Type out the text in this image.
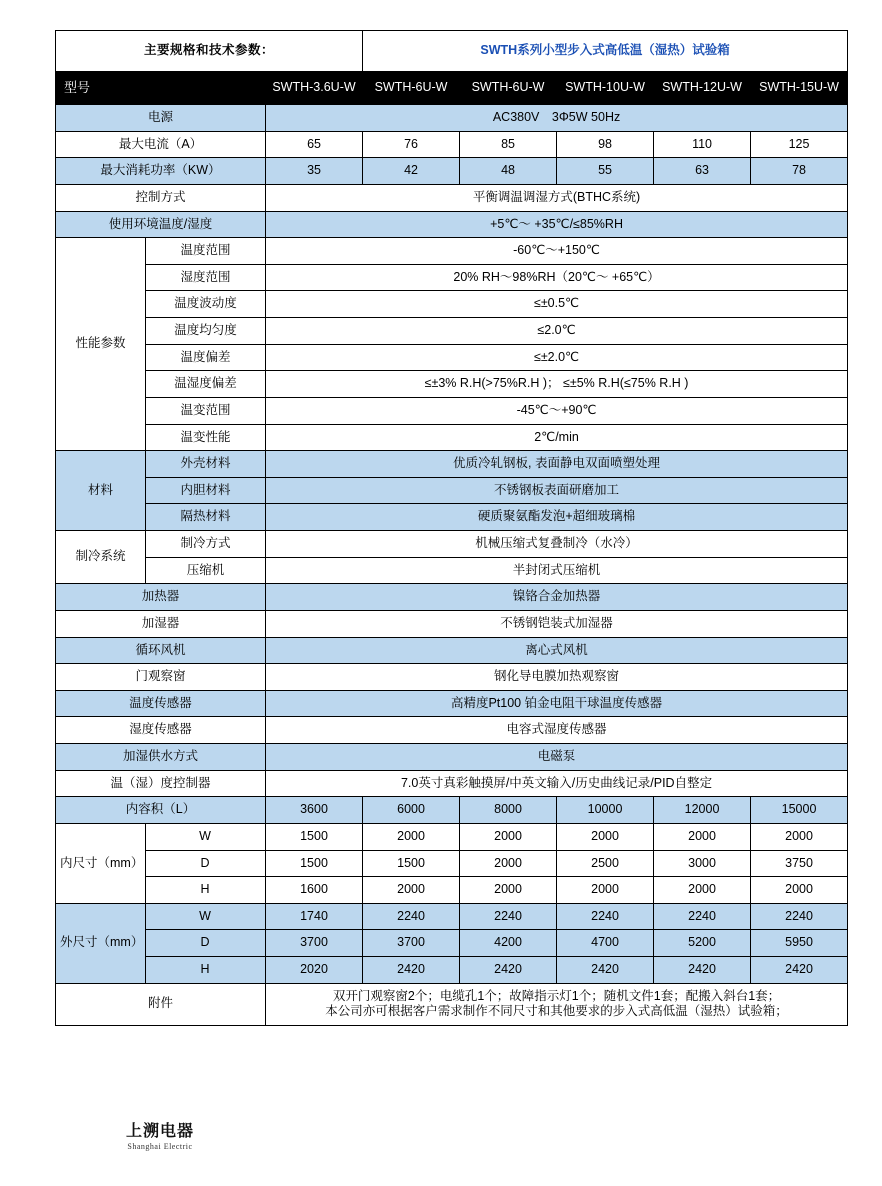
主要规格和技术参数：			SWTH系列小型步入式高低温（湿热）试验箱				
型号		SWTH-3.6U-W	SWTH-6U-W	SWTH-6U-W	SWTH-10U-W	SWTH-12U-W	SWTH-15U-W
电源		AC380V　3Φ5W 50Hz					
最大电流（A）		65	76	85	98	110	125
最大消耗功率（KW）		35	42	48	55	63	78
控制方式		平衡调温调湿方式(BTHC系统)					
使用环境温度/湿度		+5℃～ +35℃/≤85%RH					
性能参数	温度范围	-60℃～+150℃					
	湿度范围	20% RH～98%RH（20℃～ +65℃）					
	温度波动度	≤±0.5℃					
	温度均匀度	≤2.0℃					
	温度偏差	≤±2.0℃					
	温湿度偏差	≤±3% R.H(>75%R.H )； ≤±5% R.H(≤75% R.H )					
	温变范围	-45℃～+90℃					
	温变性能	2℃/min					
材料	外壳材料	优质冷轧钢板, 表面静电双面喷塑处理					
	内胆材料	不锈钢板表面研磨加工					
	隔热材料	硬质聚氨酯发泡+超细玻璃棉					
制冷系统	制冷方式	机械压缩式复叠制冷（水冷）					
	压缩机	半封闭式压缩机					
加热器		镍铬合金加热器					
加湿器		不锈钢铠装式加湿器					
循环风机		离心式风机					
门观察窗		钢化导电膜加热观察窗					
温度传感器		高精度Pt100 铂金电阻干球温度传感器					
湿度传感器		电容式湿度传感器					
加湿供水方式		电磁泵					
温（湿）度控制器		7.0英寸真彩触摸屏/中英文输入/历史曲线记录/PID自整定					
内容积（L）		3600	6000	8000	10000	12000	15000
内尺寸（mm）	W	1500	2000	2000	2000	2000	2000
	D	1500	1500	2000	2500	3000	3750
	H	1600	2000	2000	2000	2000	2000
外尺寸（mm）	W	1740	2240	2240	2240	2240	2240
	D	3700	3700	4200	4700	5200	5950
	H	2020	2420	2420	2420	2420	2420
附件		双开门观察窗2个；电缆孔1个；故障指示灯1个；随机文件1套；配搬入斜台1套；
本公司亦可根据客户需求制作不同尺寸和其他要求的步入式高低温（湿热）试验箱；					
上溯电器
Shanghai Electric
